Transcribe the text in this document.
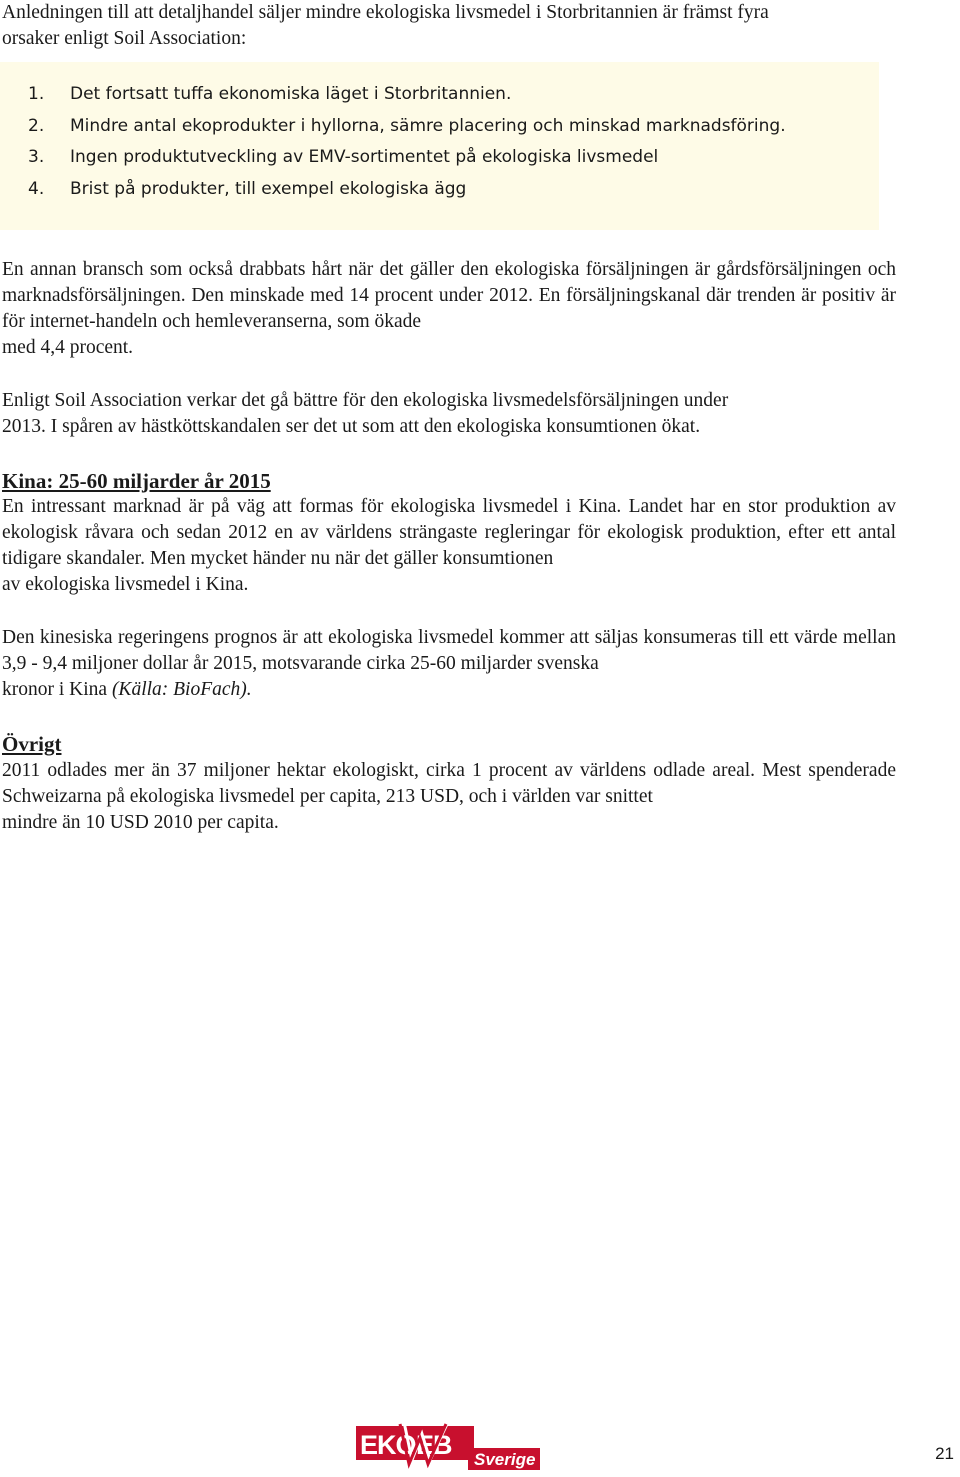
Anledningen till att detaljhandel säljer mindre ekologiska livsmedel i Storbritannien är främst fyra
orsaker enligt Soil Association:

1.	Det fortsatt tuffa ekonomiska läget i Storbritannien.
2.	Mindre antal ekoprodukter i hyllorna, sämre placering och minskad marknadsföring.
3.	Ingen produktutveckling av EMV-sortimentet på ekologiska livsmedel
4.	Brist på produkter, till exempel ekologiska ägg

En annan bransch som också drabbats hårt när det gäller den ekologiska försäljningen är gårdsförsäljningen och marknadsförsäljningen. Den minskade med 14 procent under 2012. En försäljningskanal där trenden är positiv är för internet-handeln och hemleveranserna, som ökade
med 4,4 procent.

Enligt Soil Association verkar det gå bättre för den ekologiska livsmedelsförsäljningen under
2013. I spåren av hästköttskandalen ser det ut som att den ekologiska konsumtionen ökat.

Kina: 25-60 miljarder år 2015

En intressant marknad är på väg att formas för ekologiska livsmedel i Kina. Landet har en stor produktion av ekologisk råvara och sedan 2012 en av världens strängaste regleringar för ekologisk produktion, efter ett antal tidigare skandaler. Men mycket händer nu när det gäller konsumtionen
av ekologiska livsmedel i Kina.

Den kinesiska regeringens prognos är att ekologiska livsmedel kommer att säljas konsumeras till ett värde mellan 3,9 - 9,4 miljoner dollar år 2015, motsvarande cirka 25-60 miljarder svenska
kronor i Kina (Källa: BioFach).

Övrigt

2011 odlades mer än 37 miljoner hektar ekologiskt, cirka 1 procent av världens odlade areal. Mest spenderade Schweizarna på ekologiska livsmedel per capita, 213 USD, och i världen var snittet
mindre än 10 USD 2010 per capita.

EKO EB Sverige	21
